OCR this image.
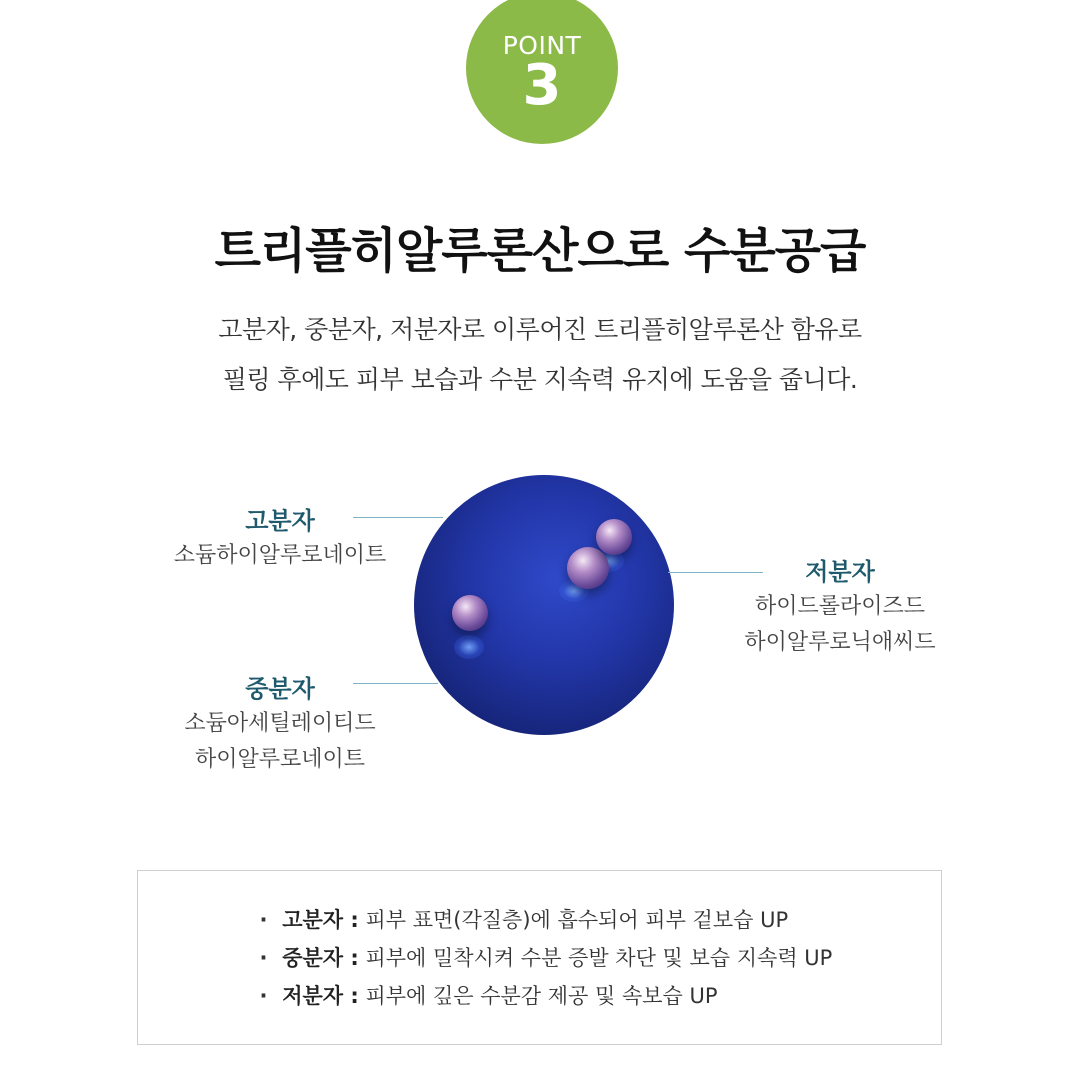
POINT
3
트리플히알루론산으로 수분공급
고분자, 중분자, 저분자로 이루어진 트리플히알루론산 함유로
필링 후에도 피부 보습과 수분 지속력 유지에 도움을 줍니다.
고분자
소듐하이알루로네이트
중분자
소듐아세틸레이티드
하이알루로네이트
저분자
하이드롤라이즈드
하이알루로닉애씨드
· 고분자 : 피부 표면(각질층)에 흡수되어 피부 겉보습 UP
· 중분자 : 피부에 밀착시켜 수분 증발 차단 및 보습 지속력 UP
· 저분자 : 피부에 깊은 수분감 제공 및 속보습 UP
